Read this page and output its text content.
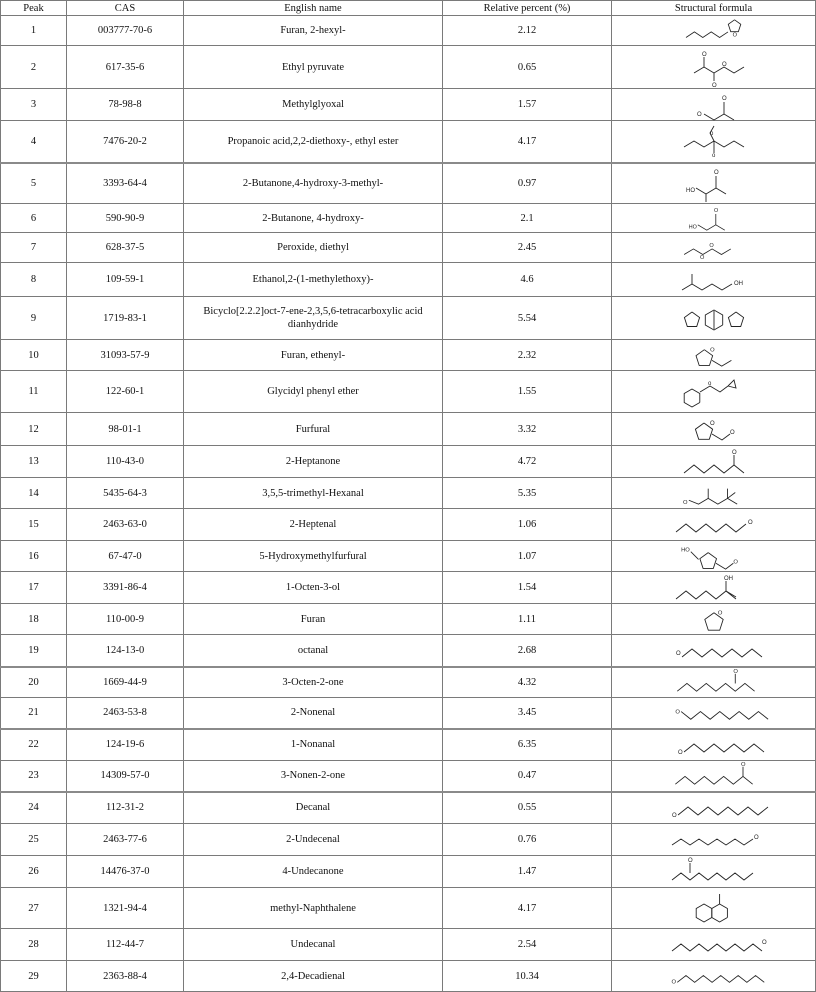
Peak	CAS	English name	Relative percent (%)	Structural formula
1	003777-70-6	Furan, 2-hexyl-	2.12	O

2	617-35-6	Ethyl pyruvate	0.65	O
O
O

3	78-98-8	Methylglyoxal	1.57	O
O

4	7476-20-2	Propanoic acid,2,2-diethoxy-, ethyl ester	4.17	o
o

5	3393-64-4	2-Butanone,4-hydroxy-3-methyl-	0.97	HO
O

6	590-90-9	2-Butanone, 4-hydroxy-	2.1	HO
O

7	628-37-5	Peroxide, diethyl	2.45	O
O

8	109-59-1	Ethanol,2-(1-methylethoxy)-	4.6	OH

9	1719-83-1	Bicyclo[2.2.2]oct-7-ene-2,3,5,6-tetracarboxylic acid dianhydride	5.54	

10	31093-57-9	Furan, ethenyl-	2.32	O

11	122-60-1	Glycidyl phenyl ether	1.55	o

12	98-01-1	Furfural	3.32	O
O

13	110-43-0	2-Heptanone	4.72	O

14	5435-64-3	3,5,5-trimethyl-Hexanal	5.35	O

15	2463-63-0	2-Heptenal	1.06	O

16	67-47-0	5-Hydroxymethylfurfural	1.07	HO
O

17	3391-86-4	1-Octen-3-ol	1.54	OH

18	110-00-9	Furan	1.11	O

19	124-13-0	octanal	2.68	O

20	1669-44-9	3-Octen-2-one	4.32	O

21	2463-53-8	2-Nonenal	3.45	O

22	124-19-6	1-Nonanal	6.35	O

23	14309-57-0	3-Nonen-2-one	0.47	O

24	112-31-2	Decanal	0.55	O

25	2463-77-6	2-Undecenal	0.76	O

26	14476-37-0	4-Undecanone	1.47	O

27	1321-94-4	methyl-Naphthalene	4.17	

28	112-44-7	Undecanal	2.54	O

29	2363-88-4	2,4-Decadienal	10.34	O
